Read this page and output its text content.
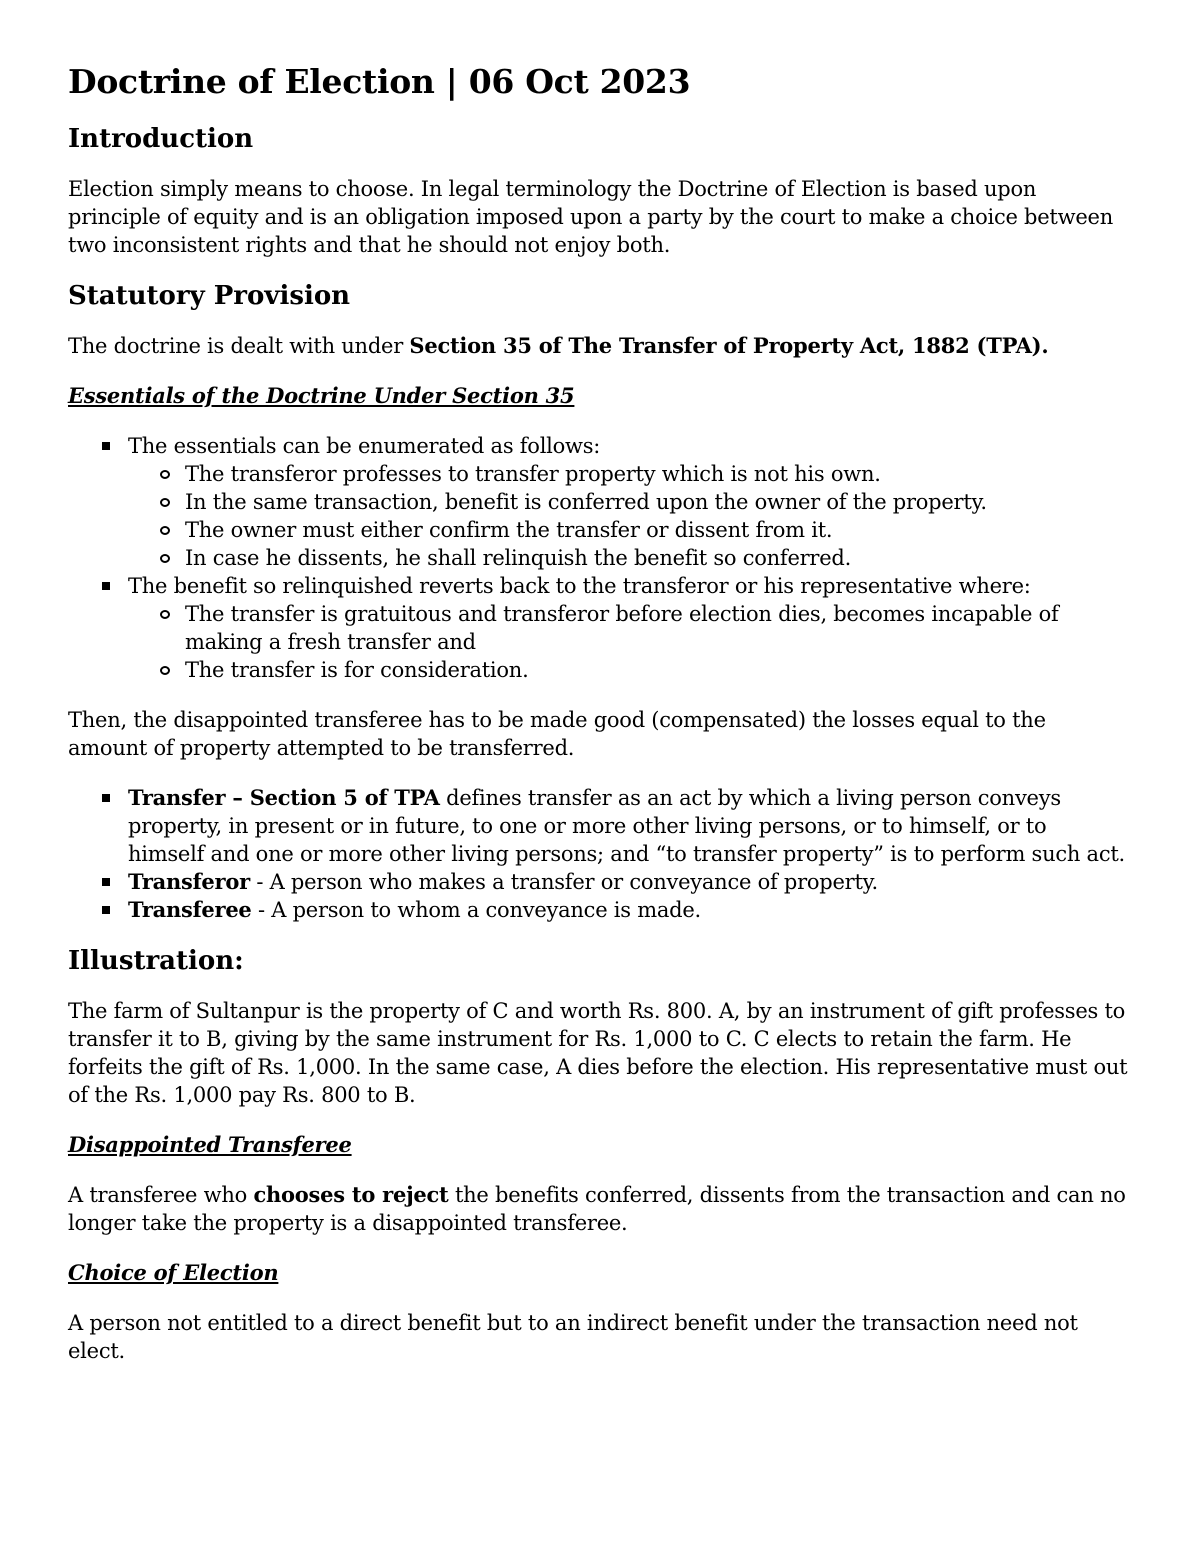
Doctrine of Election | 06 Oct 2023
Introduction

Election simply means to choose. In legal terminology the Doctrine of Election is based upon principle of equity and is an obligation imposed upon a party by the court to make a choice between two inconsistent rights and that he should not enjoy both.

Statutory Provision

The doctrine is dealt with under Section 35 of The Transfer of Property Act, 1882 (TPA).

Essentials of the Doctrine Under Section 35
The essentials can be enumerated as follows:
The transferor professes to transfer property which is not his own.
In the same transaction, benefit is conferred upon the owner of the property.
The owner must either confirm the transfer or dissent from it.
In case he dissents, he shall relinquish the benefit so conferred.
The benefit so relinquished reverts back to the transferor or his representative where:
The transfer is gratuitous and transferor before election dies, becomes incapable of making a fresh transfer and
The transfer is for consideration.

Then, the disappointed transferee has to be made good (compensated) the losses equal to the amount of property attempted to be transferred.

Transfer – Section 5 of TPA defines transfer as an act by which a living person conveys property, in present or in future, to one or more other living persons, or to himself, or to himself and one or more other living persons; and “to transfer property” is to perform such act.
Transferor - A person who makes a transfer or conveyance of property.
Transferee - A person to whom a conveyance is made.
Illustration:

The farm of Sultanpur is the property of C and worth Rs. 800. A, by an instrument of gift professes to transfer it to B, giving by the same instrument for Rs. 1,000 to C. C elects to retain the farm. He forfeits the gift of Rs. 1,000. In the same case, A dies before the election. His representative must out of the Rs. 1,000 pay Rs. 800 to B.

Disappointed Transferee

A transferee who chooses to reject the benefits conferred, dissents from the transaction and can no longer take the property is a disappointed transferee.

Choice of Election

A person not entitled to a direct benefit but to an indirect benefit under the transaction need not elect.
